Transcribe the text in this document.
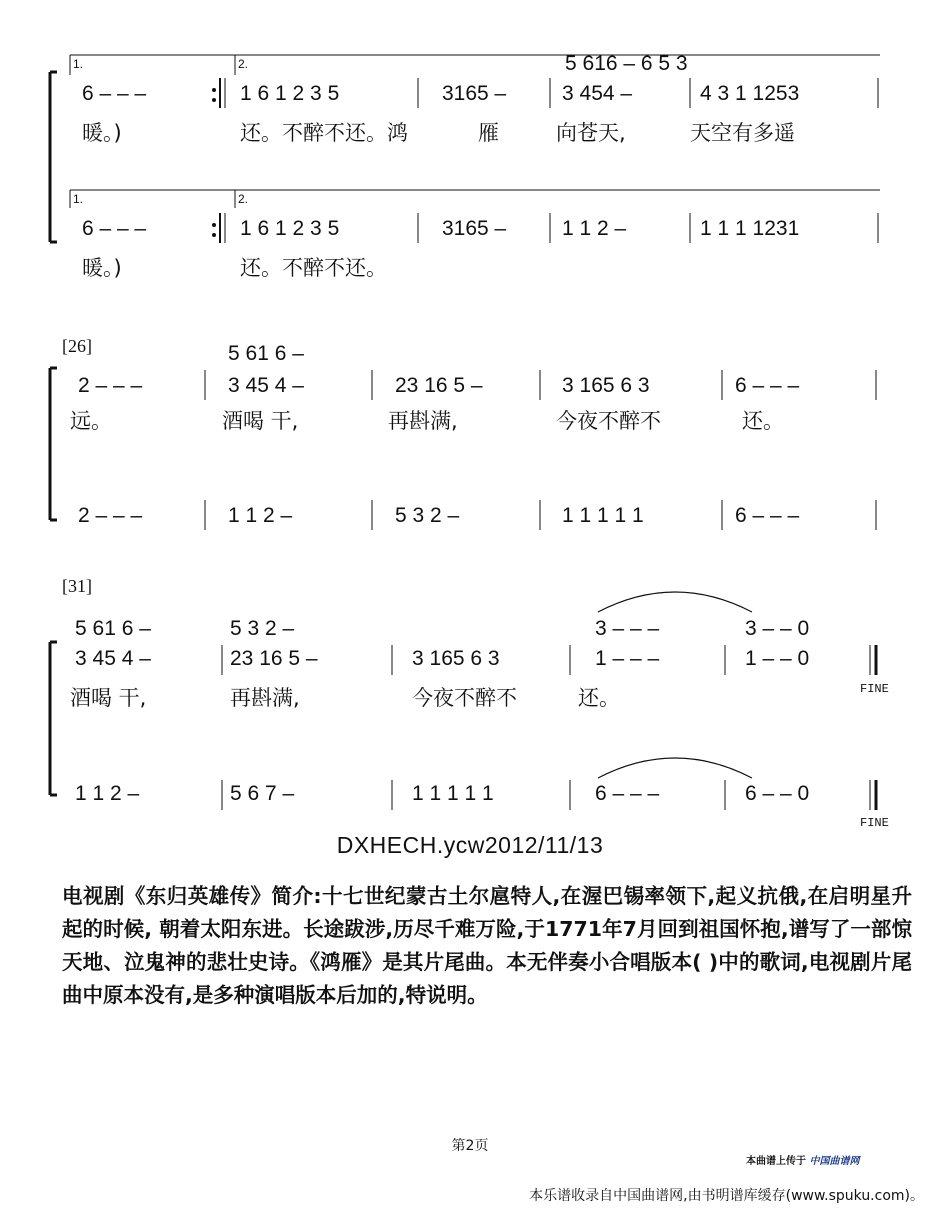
1.	2.	5 616 – 6 5 3
6 – – –	1 6 1 2 3 5	3165 –	3 454 –	4 3 1 1253
暖。)	还。不醉不还。鸿	雁	向苍天,	天空有多遥
1.	2.
6 – – –	1 6 1 2 3 5	3165 –	1 1 2 –	1 1 1 1231
暖。)	还。不醉不还。
[26]	5 61 6 –
2 – – –	3 45 4 –	23 16 5 –	3 165 6 3	6 – – –
远。	酒喝 干,	再斟满,	今夜不醉不	还。
2 – – –	1 1 2 –	5 3 2 –	1 1 1 1 1	6 – – –
[31]
5 61 6 –	5 3 2 –	3 – – –	3 – – 0
3 45 4 –	23 16 5 –	3 165 6 3	1 – – –	1 – – 0
FINE
酒喝 干,	再斟满,	今夜不醉不	还。
1 1 2 –	5 6 7 –	1 1 1 1 1	6 – – –	6 – – 0
FINE
DXHECH.ycw2012/11/13
电视剧《东归英雄传》简介:十七世纪蒙古土尔扈特人,在渥巴锡率领下,起义抗俄,在启明星升起的时候, 朝着太阳东进。长途跋涉,历尽千难万险,于1771年7月回到祖国怀抱,谱写了一部惊天地、泣鬼神的悲壮史诗。《鸿雁》是其片尾曲。本无伴奏小合唱版本( )中的歌词,电视剧片尾曲中原本没有,是多种演唱版本后加的,特说明。
第2页
本曲谱上传于 中国曲谱网
本乐谱收录自中国曲谱网,由书明谱库缓存(www.spuku.com)。
